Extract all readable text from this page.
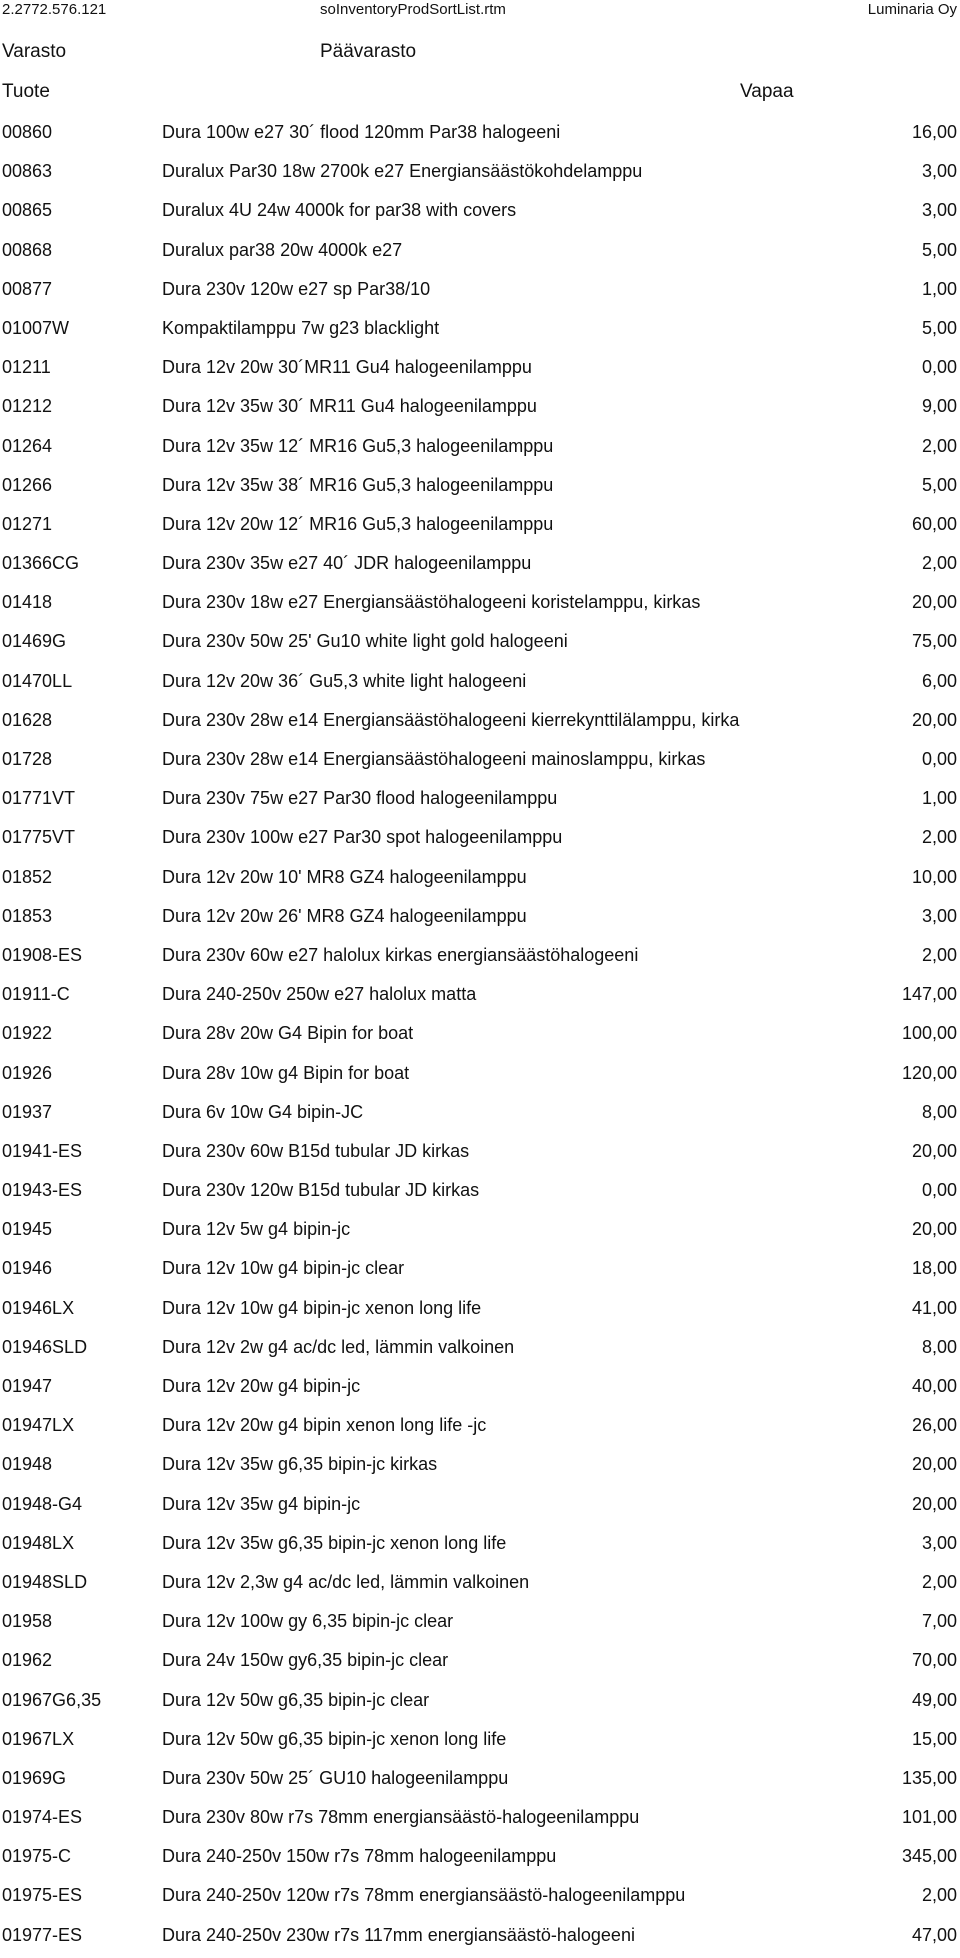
2.2772.576.121	soInventoryProdSortList.rtm	Luminaria Oy
Varasto	Päävarasto
Tuote	Vapaa
00860	Dura 100w e27 30´ flood 120mm Par38 halogeeni	16,00
00863	Duralux Par30 18w 2700k e27 Energiansäästökohdelamppu	3,00
00865	Duralux 4U 24w 4000k for par38 with covers	3,00
00868	Duralux par38 20w 4000k e27	5,00
00877	Dura 230v 120w e27 sp Par38/10	1,00
01007W	Kompaktilamppu 7w g23 blacklight	5,00
01211	Dura 12v 20w 30´MR11 Gu4 halogeenilamppu	0,00
01212	Dura 12v 35w 30´ MR11 Gu4 halogeenilamppu	9,00
01264	Dura 12v 35w 12´ MR16 Gu5,3 halogeenilamppu	2,00
01266	Dura 12v 35w 38´ MR16 Gu5,3 halogeenilamppu	5,00
01271	Dura 12v 20w 12´ MR16 Gu5,3 halogeenilamppu	60,00
01366CG	Dura 230v 35w e27 40´ JDR halogeenilamppu	2,00
01418	Dura 230v 18w e27 Energiansäästöhalogeeni koristelamppu, kirkas	20,00
01469G	Dura 230v 50w 25' Gu10 white light gold halogeeni	75,00
01470LL	Dura 12v 20w 36´ Gu5,3 white light halogeeni	6,00
01628	Dura 230v 28w e14 Energiansäästöhalogeeni kierrekynttilälamppu, kirka	20,00
01728	Dura 230v 28w e14 Energiansäästöhalogeeni mainoslamppu, kirkas	0,00
01771VT	Dura 230v 75w e27 Par30 flood halogeenilamppu	1,00
01775VT	Dura 230v 100w e27 Par30 spot halogeenilamppu	2,00
01852	Dura 12v 20w 10' MR8 GZ4 halogeenilamppu	10,00
01853	Dura 12v 20w 26' MR8 GZ4 halogeenilamppu	3,00
01908-ES	Dura 230v 60w e27 halolux kirkas energiansäästöhalogeeni	2,00
01911-C	Dura 240-250v 250w e27 halolux matta	147,00
01922	Dura 28v 20w G4 Bipin for boat	100,00
01926	Dura 28v 10w g4 Bipin for boat	120,00
01937	Dura 6v 10w G4 bipin-JC	8,00
01941-ES	Dura 230v 60w B15d tubular JD kirkas	20,00
01943-ES	Dura 230v 120w B15d tubular JD kirkas	0,00
01945	Dura 12v 5w g4 bipin-jc	20,00
01946	Dura 12v 10w g4 bipin-jc clear	18,00
01946LX	Dura 12v 10w g4 bipin-jc xenon long life	41,00
01946SLD	Dura 12v 2w g4 ac/dc led, lämmin valkoinen	8,00
01947	Dura 12v 20w g4 bipin-jc	40,00
01947LX	Dura 12v 20w g4 bipin xenon long life -jc	26,00
01948	Dura 12v 35w g6,35 bipin-jc kirkas	20,00
01948-G4	Dura 12v 35w g4 bipin-jc	20,00
01948LX	Dura 12v 35w g6,35 bipin-jc xenon long life	3,00
01948SLD	Dura 12v 2,3w g4 ac/dc led, lämmin valkoinen	2,00
01958	Dura 12v 100w gy 6,35 bipin-jc clear	7,00
01962	Dura 24v 150w gy6,35 bipin-jc clear	70,00
01967G6,35	Dura 12v 50w g6,35 bipin-jc clear	49,00
01967LX	Dura 12v 50w g6,35 bipin-jc xenon long life	15,00
01969G	Dura 230v 50w 25´ GU10 halogeenilamppu	135,00
01974-ES	Dura 230v 80w r7s 78mm energiansäästö-halogeenilamppu	101,00
01975-C	Dura 240-250v 150w r7s 78mm halogeenilamppu	345,00
01975-ES	Dura 240-250v 120w r7s 78mm energiansäästö-halogeenilamppu	2,00
01977-ES	Dura 240-250v 230w r7s 117mm energiansäästö-halogeeni	47,00
